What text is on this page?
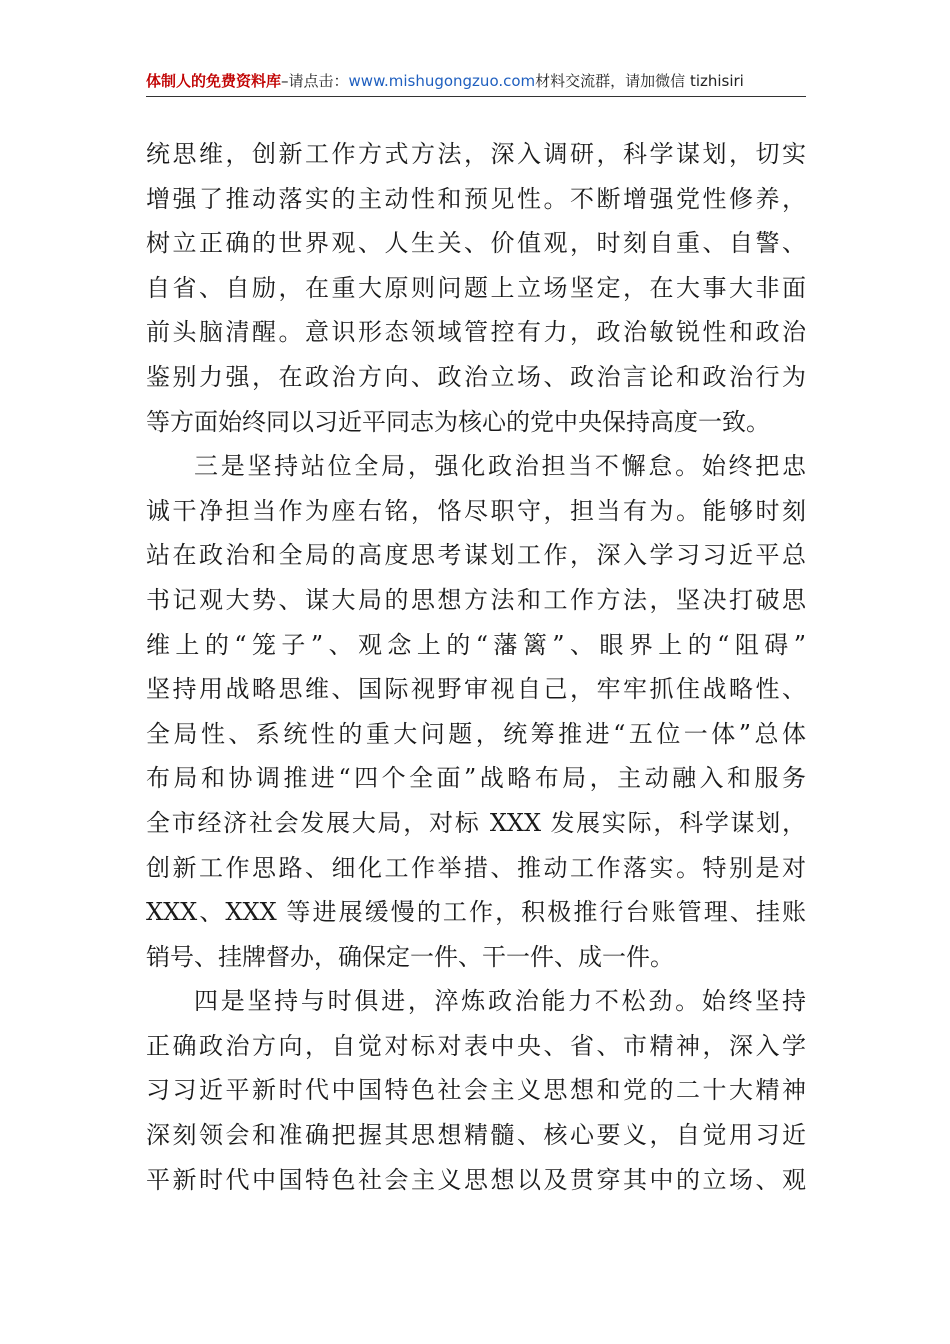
体制人的免费资料库–请点击：www.mishugongzuo.com材料交流群，请加微信 tizhisiri
统思维，创新工作方式方法，深入调研，科学谋划，切实
增强了推动落实的主动性和预见性。不断增强党性修养，
树立正确的世界观、人生关、价值观，时刻自重、自警、
自省、自励，在重大原则问题上立场坚定，在大事大非面
前头脑清醒。意识形态领域管控有力，政治敏锐性和政治
鉴别力强，在政治方向、政治立场、政治言论和政治行为
等方面始终同以习近平同志为核心的党中央保持高度一致。
三是坚持站位全局，强化政治担当不懈怠。始终把忠
诚干净担当作为座右铭，恪尽职守，担当有为。能够时刻
站在政治和全局的高度思考谋划工作，深入学习习近平总
书记观大势、谋大局的思想方法和工作方法，坚决打破思
维上的“笼子”、观念上的“藩篱”、眼界上的“阻碍”
坚持用战略思维、国际视野审视自己，牢牢抓住战略性、
全局性、系统性的重大问题，统筹推进“五位一体”总体
布局和协调推进“四个全面”战略布局，主动融入和服务
全市经济社会发展大局，对标 XXX 发展实际，科学谋划，
创新工作思路、细化工作举措、推动工作落实。特别是对
XXX、XXX 等进展缓慢的工作，积极推行台账管理、挂账
销号、挂牌督办，确保定一件、干一件、成一件。
四是坚持与时俱进，淬炼政治能力不松劲。始终坚持
正确政治方向，自觉对标对表中央、省、市精神，深入学
习习近平新时代中国特色社会主义思想和党的二十大精神
深刻领会和准确把握其思想精髓、核心要义，自觉用习近
平新时代中国特色社会主义思想以及贯穿其中的立场、观
